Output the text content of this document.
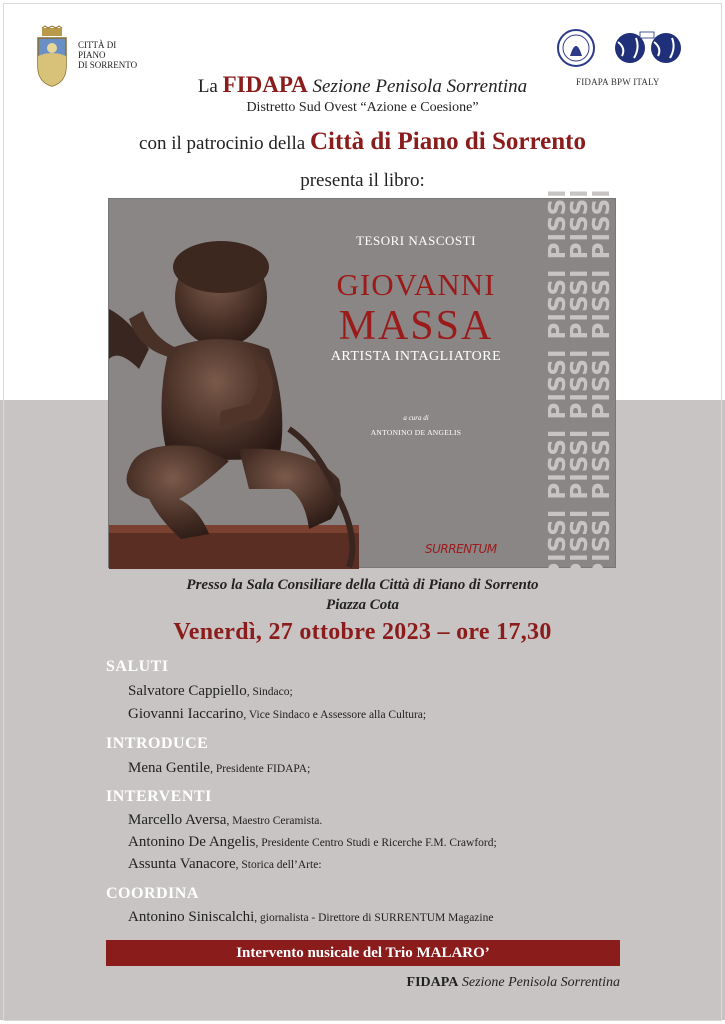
CITTÀ DI
PIANO
DI SORRENTO
FIDAPA BPW ITALY
La FIDAPA Sezione Penisola Sorrentina
Distretto Sud Ovest “Azione e Coesione”
con il patrocinio della Città di Piano di Sorrento
presenta il libro:
TESORI NASCOSTI
GIOVANNI
MASSA
ARTISTA INTAGLIATORE
a cura di
ANTONINO DE ANGELIS
SURRENTUM PISSI PISSI PISSI PISSI PISSI
PISSI PISSI PISSI PISSI PISSI
PISSI PISSI PISSI PISSI PISSI
Presso la Sala Consiliare della Città di Piano di Sorrento
Piazza Cota
Venerdì, 27 ottobre 2023 – ore 17,30
SALUTI
Salvatore Cappiello, Sindaco;
Giovanni Iaccarino, Vice Sindaco e Assessore alla Cultura;
INTRODUCE
Mena Gentile, Presidente FIDAPA;
INTERVENTI
Marcello Aversa, Maestro Ceramista.
Antonino De Angelis, Presidente Centro Studi e Ricerche F.M. Crawford;
Assunta Vanacore, Storica dell’Arte:
COORDINA
Antonino Siniscalchi, giornalista - Direttore di SURRENTUM Magazine
Intervento nusicale del Trio MALARO’
FIDAPA Sezione Penisola Sorrentina
